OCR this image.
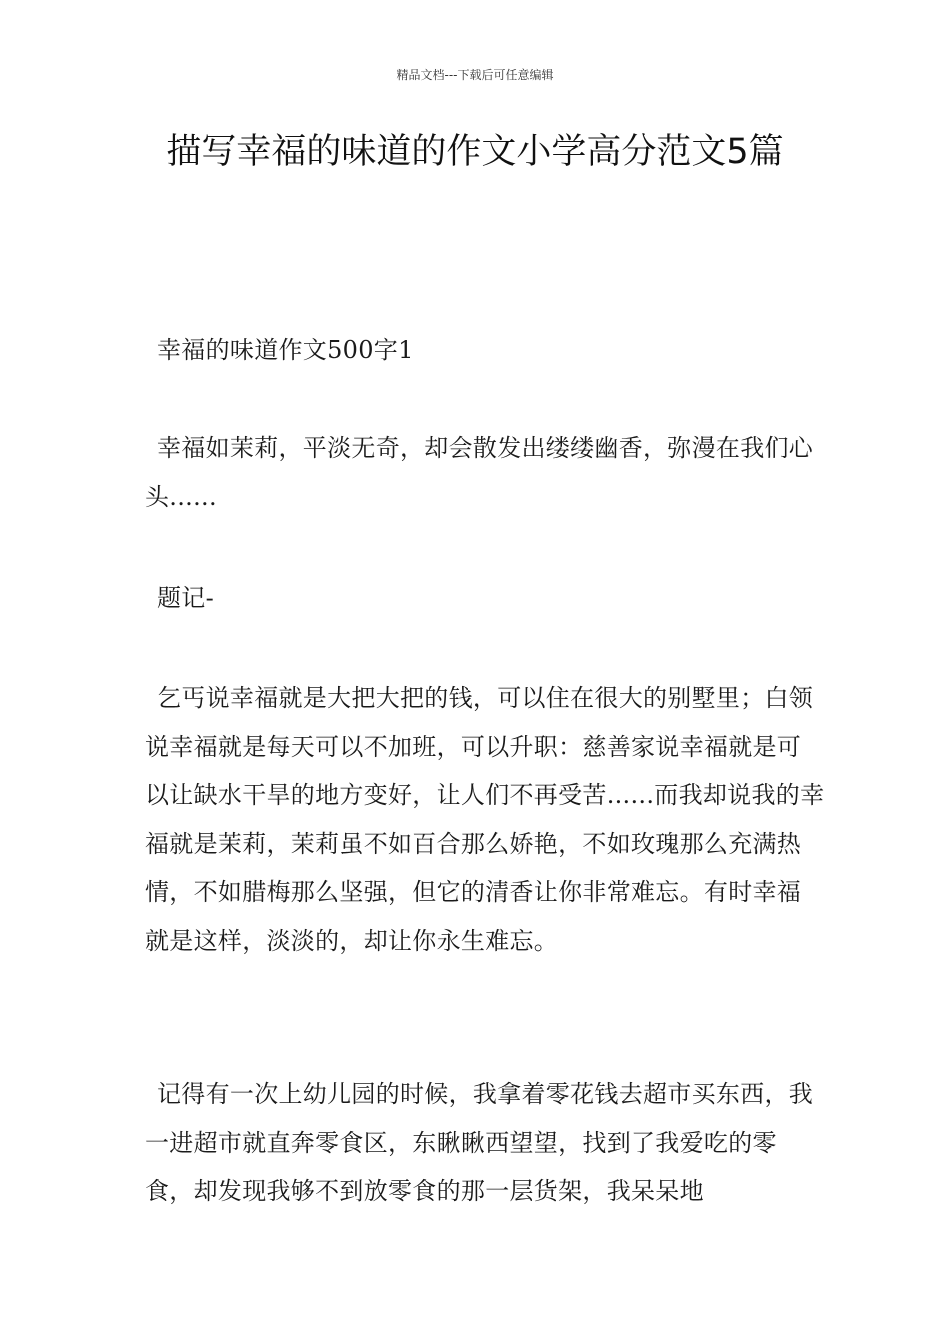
精品文档---下载后可任意编辑
描写幸福的味道的作文小学高分范文5篇

幸福的味道作文500字1

幸福如茉莉，平淡无奇，却会散发出缕缕幽香，弥漫在我们心头......

题记-

乞丐说幸福就是大把大把的钱，可以住在很大的别墅里；白领说幸福就是每天可以不加班，可以升职：慈善家说幸福就是可以让缺水干旱的地方变好，让人们不再受苦......而我却说我的幸福就是茉莉，茉莉虽不如百合那么娇艳，不如玫瑰那么充满热情，不如腊梅那么坚强，但它的清香让你非常难忘。有时幸福就是这样，淡淡的，却让你永生难忘。

记得有一次上幼儿园的时候，我拿着零花钱去超市买东西，我一进超市就直奔零食区，东瞅瞅西望望，找到了我爱吃的零食，却发现我够不到放零食的那一层货架，我呆呆地
